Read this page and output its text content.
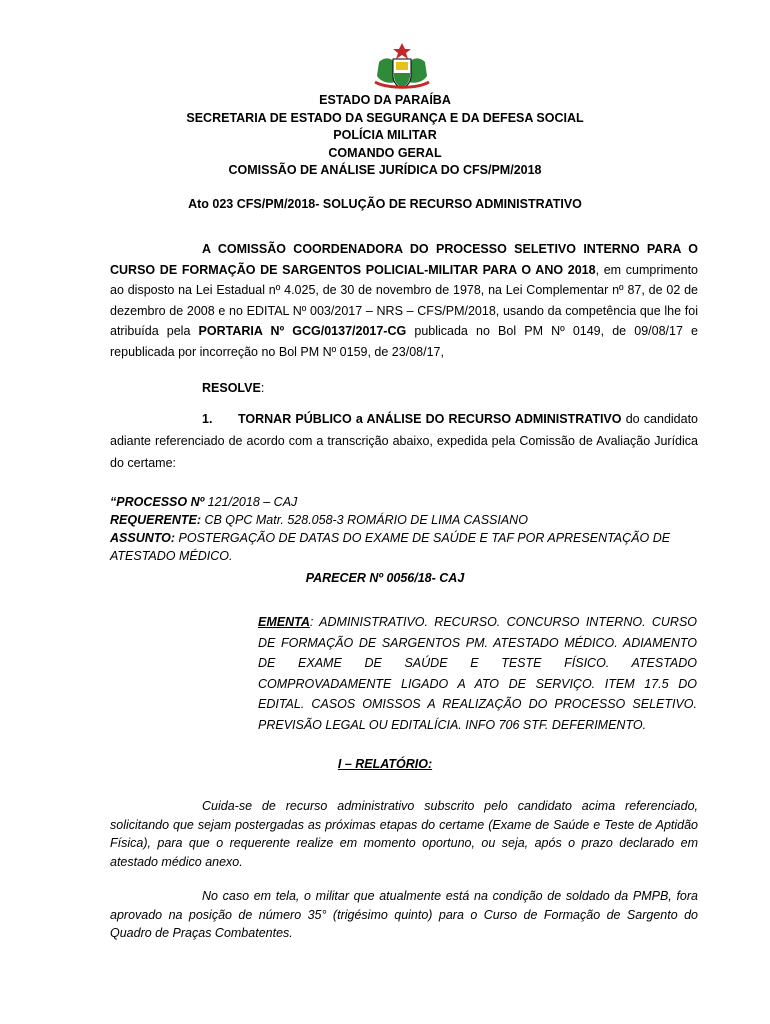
ESTADO DA PARAÍBA
SECRETARIA DE ESTADO DA SEGURANÇA E DA DEFESA SOCIAL
POLÍCIA MILITAR
COMANDO GERAL
COMISSÃO DE ANÁLISE JURÍDICA DO CFS/PM/2018
Ato 023 CFS/PM/2018- SOLUÇÃO DE RECURSO ADMINISTRATIVO
A COMISSÃO COORDENADORA DO PROCESSO SELETIVO INTERNO PARA O CURSO DE FORMAÇÃO DE SARGENTOS POLICIAL-MILITAR PARA O ANO 2018, em cumprimento ao disposto na Lei Estadual nº 4.025, de 30 de novembro de 1978, na Lei Complementar nº 87, de 02 de dezembro de 2008 e no EDITAL Nº 003/2017 – NRS – CFS/PM/2018, usando da competência que lhe foi atribuída pela PORTARIA Nº GCG/0137/2017-CG publicada no Bol PM Nº 0149, de 09/08/17 e republicada por incorreção no Bol PM Nº 0159, de 23/08/17,
RESOLVE:
1. TORNAR PÚBLICO a ANÁLISE DO RECURSO ADMINISTRATIVO do candidato adiante referenciado de acordo com a transcrição abaixo, expedida pela Comissão de Avaliação Jurídica do certame:
“PROCESSO Nº 121/2018 – CAJ
REQUERENTE: CB QPC Matr. 528.058-3 ROMÁRIO DE LIMA CASSIANO
ASSUNTO: POSTERGAÇÃO DE DATAS DO EXAME DE SAÚDE E TAF POR APRESENTAÇÃO DE ATESTADO MÉDICO.
PARECER Nº 0056/18- CAJ
EMENTA: ADMINISTRATIVO. RECURSO. CONCURSO INTERNO. CURSO DE FORMAÇÃO DE SARGENTOS PM. ATESTADO MÉDICO. ADIAMENTO DE EXAME DE SAÚDE E TESTE FÍSICO. ATESTADO COMPROVADAMENTE LIGADO A ATO DE SERVIÇO. ITEM 17.5 DO EDITAL. CASOS OMISSOS A REALIZAÇÃO DO PROCESSO SELETIVO. PREVISÃO LEGAL OU EDITALÍCIA. INFO 706 STF. DEFERIMENTO.
I – RELATÓRIO:
Cuida-se de recurso administrativo subscrito pelo candidato acima referenciado, solicitando que sejam postergadas as próximas etapas do certame (Exame de Saúde e Teste de Aptidão Física), para que o requerente realize em momento oportuno, ou seja, após o prazo declarado em atestado médico anexo.
No caso em tela, o militar que atualmente está na condição de soldado da PMPB, fora aprovado na posição de número 35° (trigésimo quinto) para o Curso de Formação de Sargento do Quadro de Praças Combatentes.
